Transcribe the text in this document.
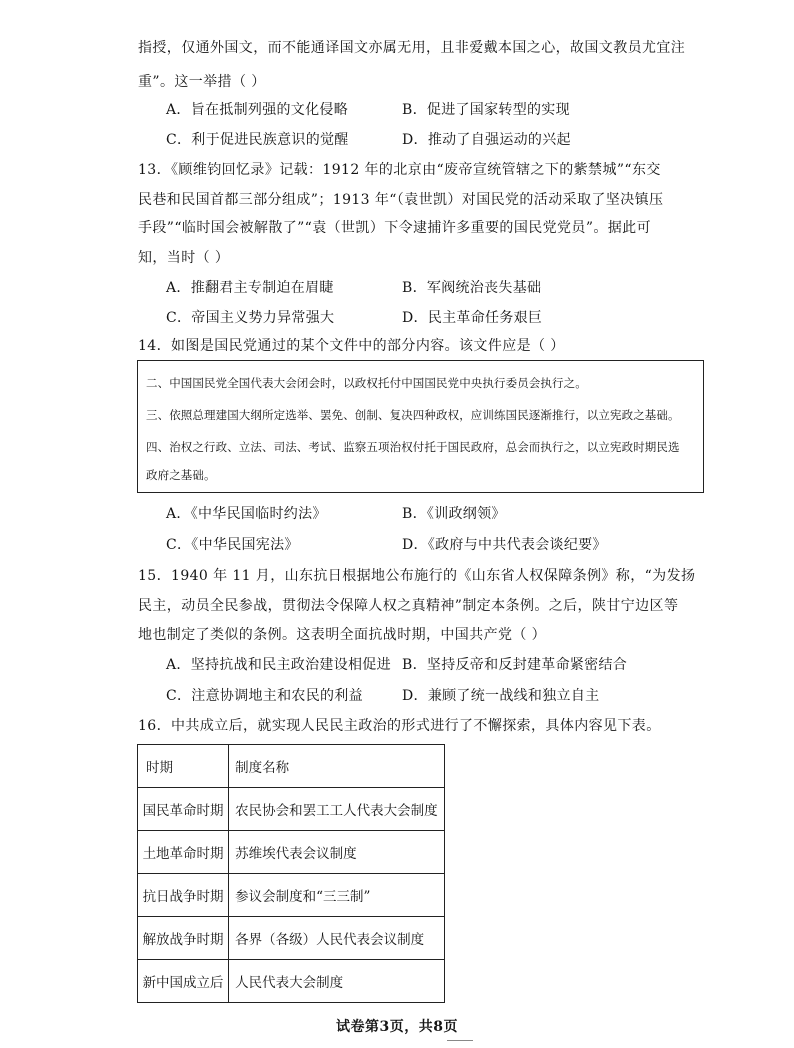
指授，仅通外国文，而不能通译国文亦属无用，且非爱戴本国之心，故国文教员尤宜注
重”。这一举措（ ）
A．旨在抵制列强的文化侵略	B．促进了国家转型的实现
C．利于促进民族意识的觉醒	D．推动了自强运动的兴起
13．《顾维钧回忆录》记载：1912 年的北京由“废帝宣统管辖之下的紫禁城”“东交
民巷和民国首都三部分组成”；1913 年“（袁世凯）对国民党的活动采取了坚决镇压
手段”“临时国会被解散了”“袁（世凯）下令逮捕许多重要的国民党党员”。据此可
知，当时（ ）
A．推翻君主专制迫在眉睫	B．军阀统治丧失基础
C．帝国主义势力异常强大	D．民主革命任务艰巨
14．如图是国民党通过的某个文件中的部分内容。该文件应是（ ）
二、中国国民党全国代表大会闭会时，以政权托付中国国民党中央执行委员会执行之。
三、依照总理建国大纲所定选举、罢免、创制、复决四种政权，应训练国民逐渐推行，以立宪政之基础。
四、治权之行政、立法、司法、考试、监察五项治权付托于国民政府，总会而执行之，以立宪政时期民选
政府之基础。
A．《中华民国临时约法》	B．《训政纲领》
C．《中华民国宪法》	D．《政府与中共代表会谈纪要》
15．1940 年 11 月，山东抗日根据地公布施行的《山东省人权保障条例》称，“为发扬
民主，动员全民参战，贯彻法令保障人权之真精神”制定本条例。之后，陕甘宁边区等
地也制定了类似的条例。这表明全面抗战时期，中国共产党（ ）
A．坚持抗战和民主政治建设相促进 B．坚持反帝和反封建革命紧密结合
C．注意协调地主和农民的利益	D．兼顾了统一战线和独立自主
16．中共成立后，就实现人民民主政治的形式进行了不懈探索，具体内容见下表。
时期	制度名称
国民革命时期	农民协会和罢工工人代表大会制度
土地革命时期	苏维埃代表会议制度
抗日战争时期	参议会制度和“三三制”
解放战争时期	各界（各级）人民代表会议制度
新中国成立后	人民代表大会制度
试卷第3页，共8页
